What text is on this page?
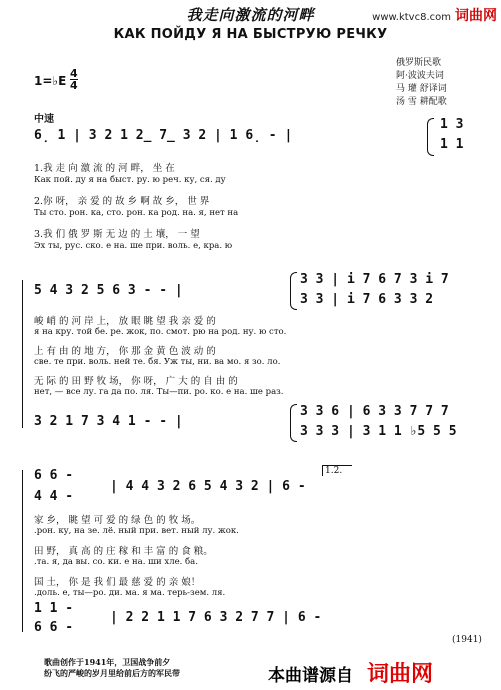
我走向激流的河畔	www.ktvc8.com 词曲网
КАК ПОЙДУ Я НА БЫСТРУЮ РЕЧКУ
俄罗斯民歌
阿·波波夫词
马 瓘 舒译词
汤 雪 耕配歌
1=♭E
4
4
中速
6̣ 1 | 3 2 1 2̲ 7̲ 3 2 | 1 6̣ - |
1 3
1 1
1.我 走 向 激 流 的 河 畔， 坐 在
Как пой. ду я на быст. ру. ю реч. ку, ся. ду
2.你 呀， 亲 爱 的 故 乡 啊 故 乡， 世 界
Ты сто. рон. ка, сто. рон. ка род. на. я, нет на
3.我 们 俄 罗 斯 无 边 的 土 壤， 一 望
Эх ты, рус. ско. е на. ше при. воль. е, кра. ю
5 4 3 2 5 6 3 - - |
3 3 | i 7 6 7 3 i 7
3 3 | i 7 6 3 3 2
峻 峭 的 河 岸 上， 放 眼 眺 望 我 亲 爱 的
я на кру. той бе. ре. жок, по. смот. рю на род. ну. ю сто.
上 有 由 的 地 方， 你 那 金 黄 色 波 动 的
све. те при. воль. ней те. бя. Уж ты, ни. ва мо. я зо. ло.
无 际 的 田 野 牧 场， 你 呀， 广 大 的 自 由 的
нет, — все лу. га да по. ля. Ты—пи. ро. ко. е на. ше раз.
3 2 1 7 3 4 1 - - |
3 3 6 | 6 3 3 7 7 7
3 3 3 | 3 1 1 ♭5 5 5
6 6 -
4 4 -
| 4 4 3 2 6 5 4 3 2 | 6 -
1.2.
家 乡， 眺 望 可 爱 的 绿 色 的 牧 场。
.рон. ку, на зе. лё. ный при. вет. ный лу. жок.
田 野， 真 高 的 庄 稼 和 丰 富 的 食 粮。
.та. я, да вы. со. ки. е на. ши хле. ба.
国 土， 你 是 我 们 最 慈 爱 的 亲 娘！
.доль. е, ты—ро. ди. ма. я ма. терь-зем. ля.
1 1 -
6 6 -
| 2 2 1 1 7 6 3 2 7 7 | 6 -
(1941)
歌曲创作于1941年，卫国战争前夕
纷飞的严峻的岁月里给前后方的军民带	本曲谱源自 词曲网
